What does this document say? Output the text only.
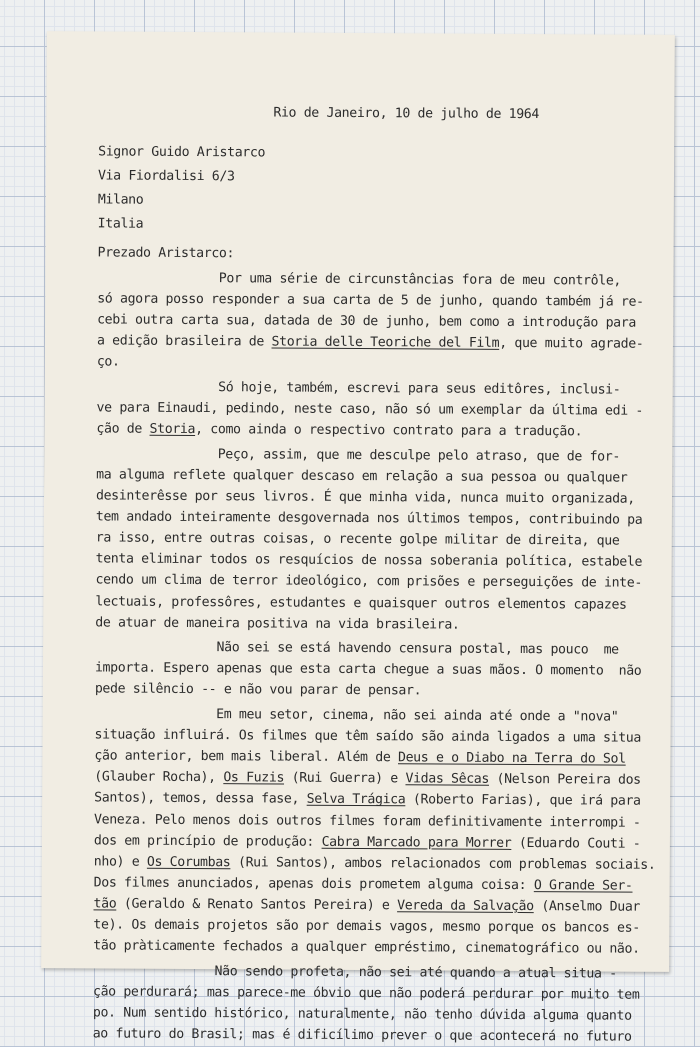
Rio de Janeiro, 10 de julho de 1964
Signor Guido Aristarco
Via Fiordalisi 6/3
Milano
Italia
Prezado Aristarco:
Por uma série de circunstâncias fora de meu contrôle,
só agora posso responder a sua carta de 5 de junho, quando também já re-
cebi outra carta sua, datada de 30 de junho, bem como a introdução para
a edição brasileira de Storia delle Teoriche del Film, que muito agrade-
ço.
Só hoje, também, escrevi para seus editôres, inclusi-
ve para Einaudi, pedindo, neste caso, não só um exemplar da última edi -
ção de Storia, como ainda o respectivo contrato para a tradução.
Peço, assim, que me desculpe pelo atraso, que de for-
ma alguma reflete qualquer descaso em relação a sua pessoa ou qualquer
desinterêsse por seus livros. É que minha vida, nunca muito organizada,
tem andado inteiramente desgovernada nos últimos tempos, contribuindo pa
ra isso, entre outras coisas, o recente golpe militar de direita, que
tenta eliminar todos os resquícios de nossa soberania política, estabele
cendo um clima de terror ideológico, com prisões e perseguições de inte-
lectuais, professôres, estudantes e quaisquer outros elementos capazes
de atuar de maneira positiva na vida brasileira.
Não sei se está havendo censura postal, mas pouco  me
importa. Espero apenas que esta carta chegue a suas mãos. O momento  não
pede silêncio -- e não vou parar de pensar.
Em meu setor, cinema, não sei ainda até onde a "nova"
situação influirá. Os filmes que têm saído são ainda ligados a uma situa
ção anterior, bem mais liberal. Além de Deus e o Diabo na Terra do Sol
(Glauber Rocha), Os Fuzis (Rui Guerra) e Vidas Sêcas (Nelson Pereira dos
Santos), temos, dessa fase, Selva Trágica (Roberto Farias), que irá para
Veneza. Pelo menos dois outros filmes foram definitivamente interrompi -
dos em princípio de produção: Cabra Marcado para Morrer (Eduardo Couti -
nho) e Os Corumbas (Rui Santos), ambos relacionados com problemas sociais.
Dos filmes anunciados, apenas dois prometem alguma coisa: O Grande Ser-
tão (Geraldo & Renato Santos Pereira) e Vereda da Salvação (Anselmo Duar
te). Os demais projetos são por demais vagos, mesmo porque os bancos es-
tão pràticamente fechados a qualquer empréstimo, cinematográfico ou não.
Não sendo profeta, não sei até quando a atual situa -
ção perdurará; mas parece-me óbvio que não poderá perdurar por muito tem
po. Num sentido histórico, naturalmente, não tenho dúvida alguma quanto
ao futuro do Brasil; mas é dificílimo prever o que acontecerá no futuro
